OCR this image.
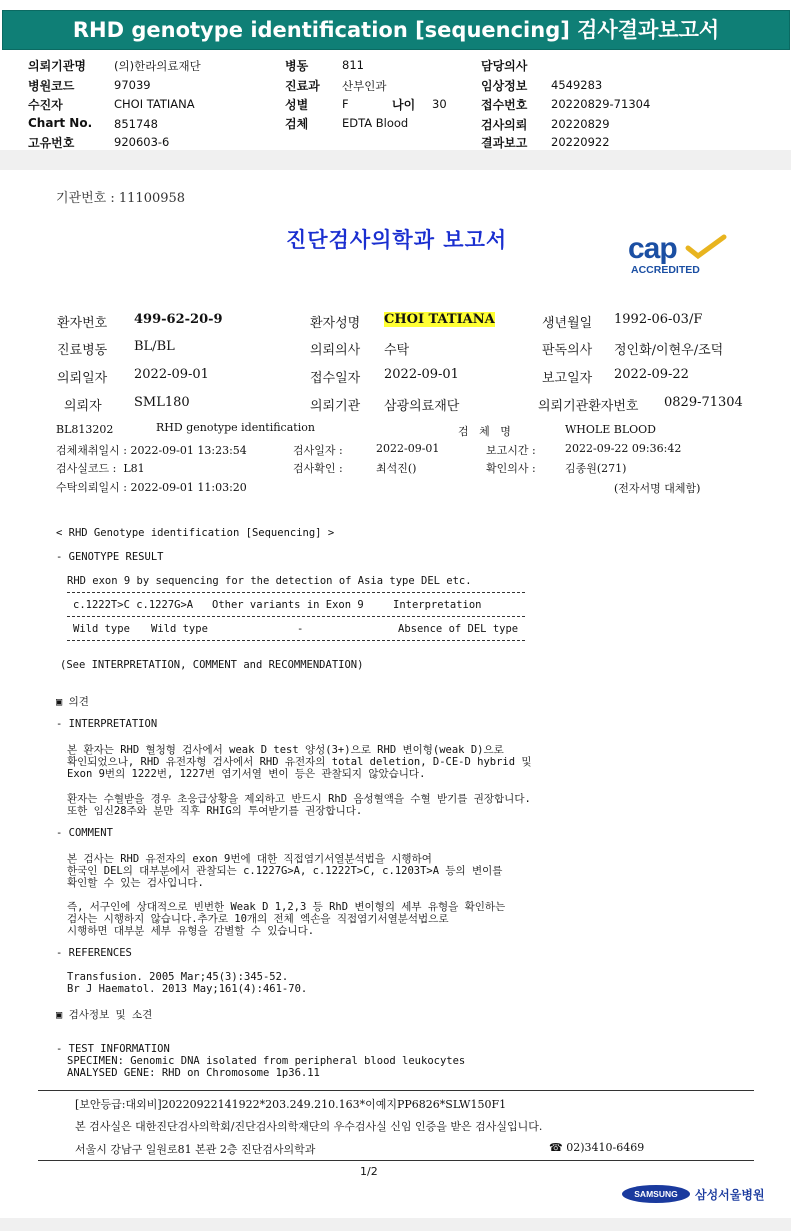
RHD genotype identification [sequencing] 검사결과보고서
의뢰기관명 (의)한라의료재단
병원코드	97039
수진자	CHOI TATIANA
Chart No. 851748
고유번호	920603-6
병동	811
진료과 산부인과
성별	F	나이 30
검체	EDTA Blood
담당의사
임상정보 4549283
접수번호 20220829-71304
검사의뢰 20220829
결과보고 20220922
기관번호 : 11100958
진단검사의학과 보고서	cap
ACCREDITED
환자번호 499-62-20-9	환자성명 CHOI TATIANA	생년월일 1992-06-03/F
진료병동 BL/BL	의뢰의사 수탁	판독의사 정인화/이현우/조덕
의뢰일자 2022-09-01	접수일자 2022-09-01	보고일자 2022-09-22
의뢰자 SML180	의뢰기관 삼광의료재단	의뢰기관환자번호 0829-71304
BL813202	RHD genotype identification	검   체   명	WHOLE BLOOD
검체채취일시 : 2022-09-01 13:23:54	검사일자 :	2022-09-01	보고시간 :	2022-09-22 09:36:42
검사실코드 :  L81	검사확인 :	최석진()	확인의사 :	김종원(271)
수탁의뢰일시 : 2022-09-01 11:03:20	(전자서명 대체함)
< RHD Genotype identification [Sequencing] >
- GENOTYPE RESULT
RHD exon 9 by sequencing for the detection of Asia type DEL etc.
c.1222T>C c.1227G>A Other variants in Exon 9	Interpretation
Wild type Wild type	-	Absence of DEL type
(See INTERPRETATION, COMMENT and RECOMMENDATION)
▣ 의견
- INTERPRETATION
본 환자는 RHD 혈청형 검사에서 weak D test 양성(3+)으로 RHD 변이형(weak D)으로
확인되었으나, RHD 유전자형 검사에서 RHD 유전자의 total deletion, D-CE-D hybrid 및
Exon 9번의 1222번, 1227번 염기서열 변이 등은 관찰되지 않았습니다.
환자는 수혈받을 경우 초응급상황을 제외하고 반드시 RhD 음성혈액을 수혈 받기를 권장합니다.
또한 임신28주와 분만 직후 RHIG의 투여받기를 권장합니다.
- COMMENT
본 검사는 RHD 유전자의 exon 9번에 대한 직접염기서열분석법을 시행하여
한국인 DEL의 대부분에서 관찰되는 c.1227G>A, c.1222T>C, c.1203T>A 등의 변이를
확인할 수 있는 검사입니다.
즉, 서구인에 상대적으로 빈번한 Weak D 1,2,3 등 RhD 변이형의 세부 유형을 확인하는
검사는 시행하지 않습니다.추가로 10개의 전체 엑손을 직접염기서열분석법으로
시행하면 대부분 세부 유형을 감별할 수 있습니다.
- REFERENCES
Transfusion. 2005 Mar;45(3):345-52.
Br J Haematol. 2013 May;161(4):461-70.
▣ 검사정보 및 소견
- TEST INFORMATION
SPECIMEN: Genomic DNA isolated from peripheral blood leukocytes
ANALYSED GENE: RHD on Chromosome 1p36.11
[보안등급:대외비]20220922141922*203.249.210.163*이예지PP6826*SLW150F1
본 검사실은 대한진단검사의학회/진단검사의학재단의 우수검사실 신임 인증을 받은 검사실입니다.
서울시 강남구 일원로81 본관 2층 진단검사의학과	☎ 02)3410-6469
1/2
SAMSUNG	삼성서울병원
